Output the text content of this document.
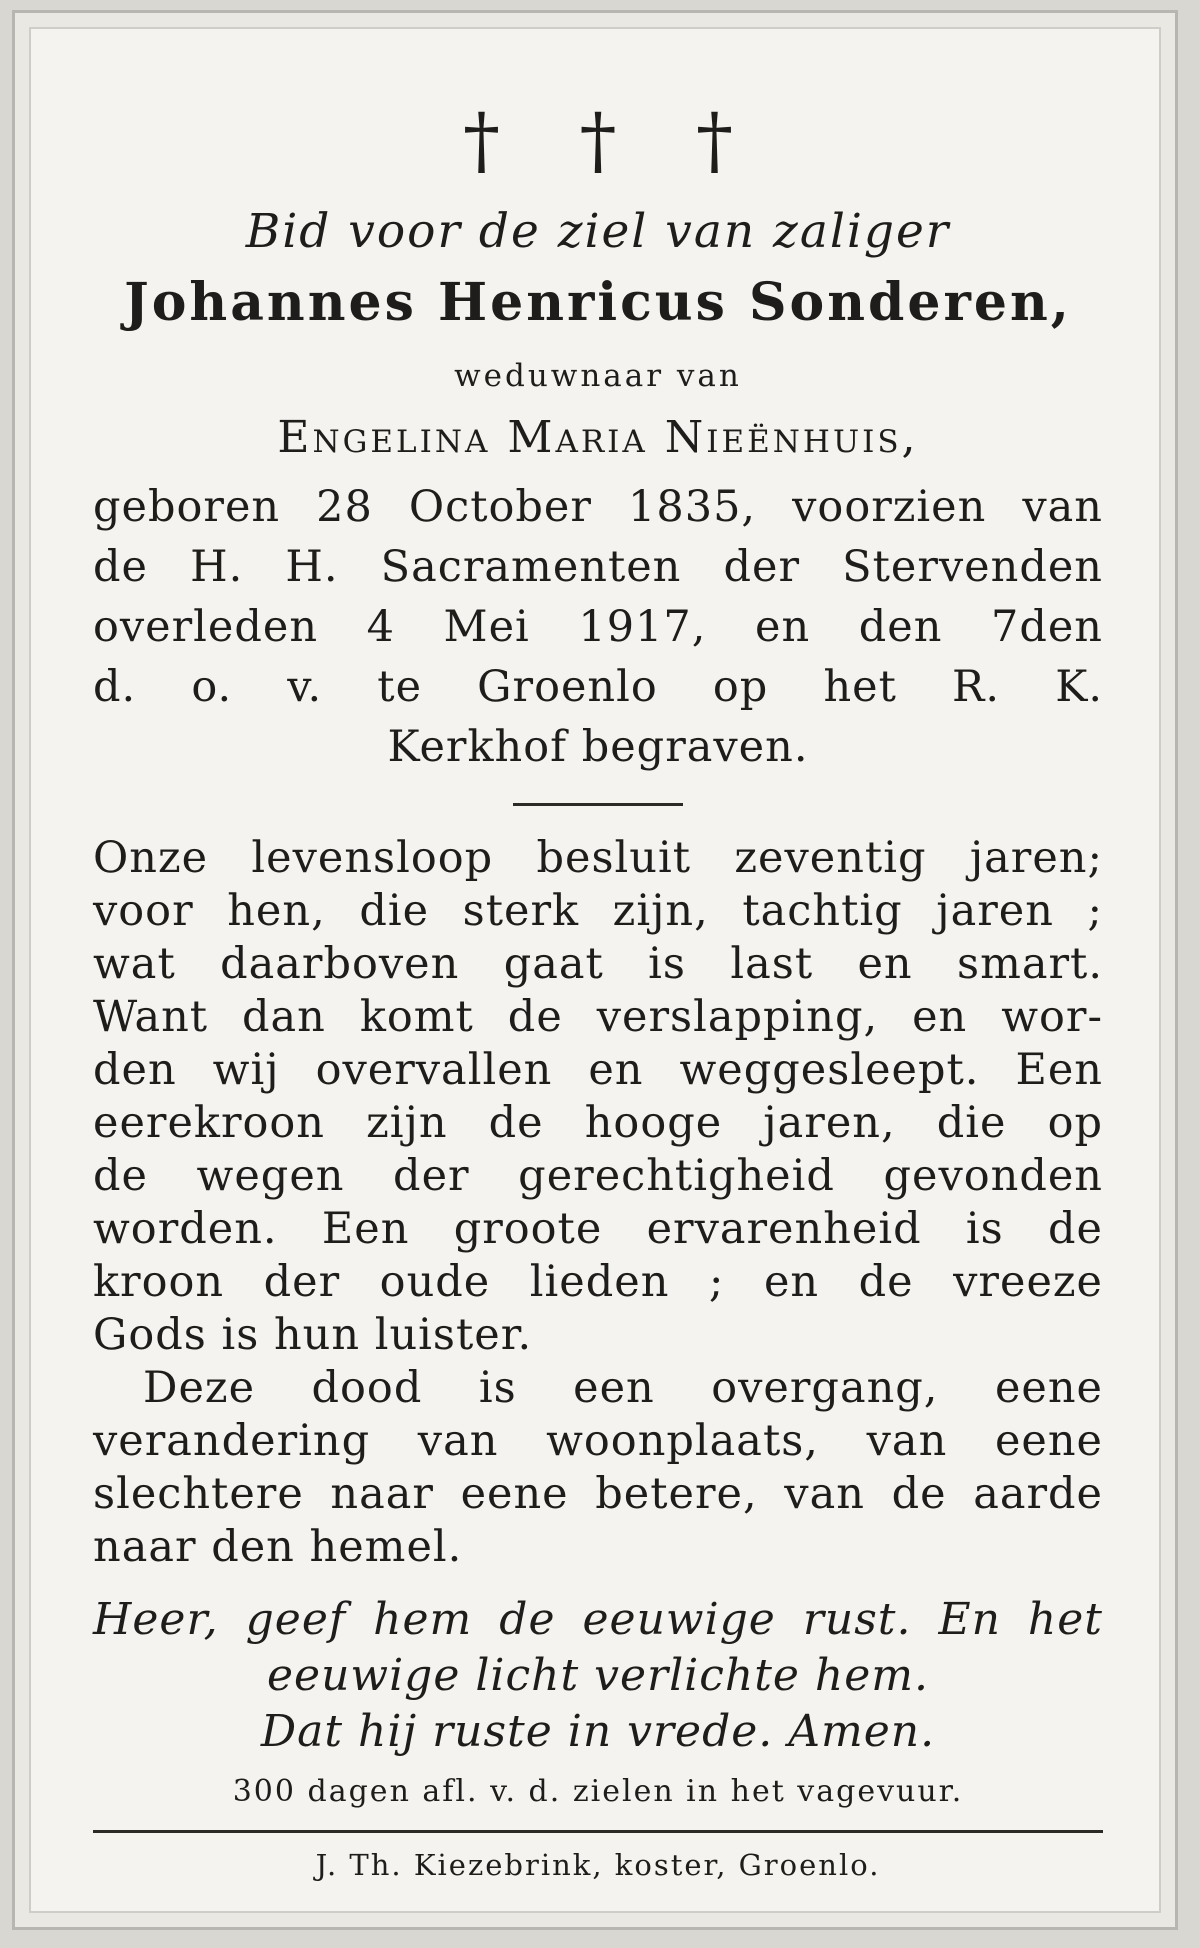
† † †
Bid voor de ziel van zaliger
Johannes Henricus Sonderen,
weduwnaar van
Engelina Maria Nieënhuis,
geboren 28 October 1835, voorzien van
de H. H. Sacramenten der Stervenden
overleden 4 Mei 1917, en den 7den
d. o. v. te Groenlo op het R. K.
Kerkhof begraven.
Onze levensloop besluit zeventig jaren;
voor hen, die sterk zijn, tachtig jaren ;
wat daarboven gaat is last en smart.
Want dan komt de verslapping, en wor-
den wij overvallen en weggesleept. Een
eerekroon zijn de hooge jaren, die op
de wegen der gerechtigheid gevonden
worden. Een groote ervarenheid is de
kroon der oude lieden ; en de vreeze
Gods is hun luister.
Deze dood is een overgang, eene
verandering van woonplaats, van eene
slechtere naar eene betere, van de aarde
naar den hemel.
Heer, geef hem de eeuwige rust. En het
eeuwige licht verlichte hem.
Dat hij ruste in vrede. Amen.
300 dagen afl. v. d. zielen in het vagevuur.
J. Th. Kiezebrink, koster, Groenlo.
